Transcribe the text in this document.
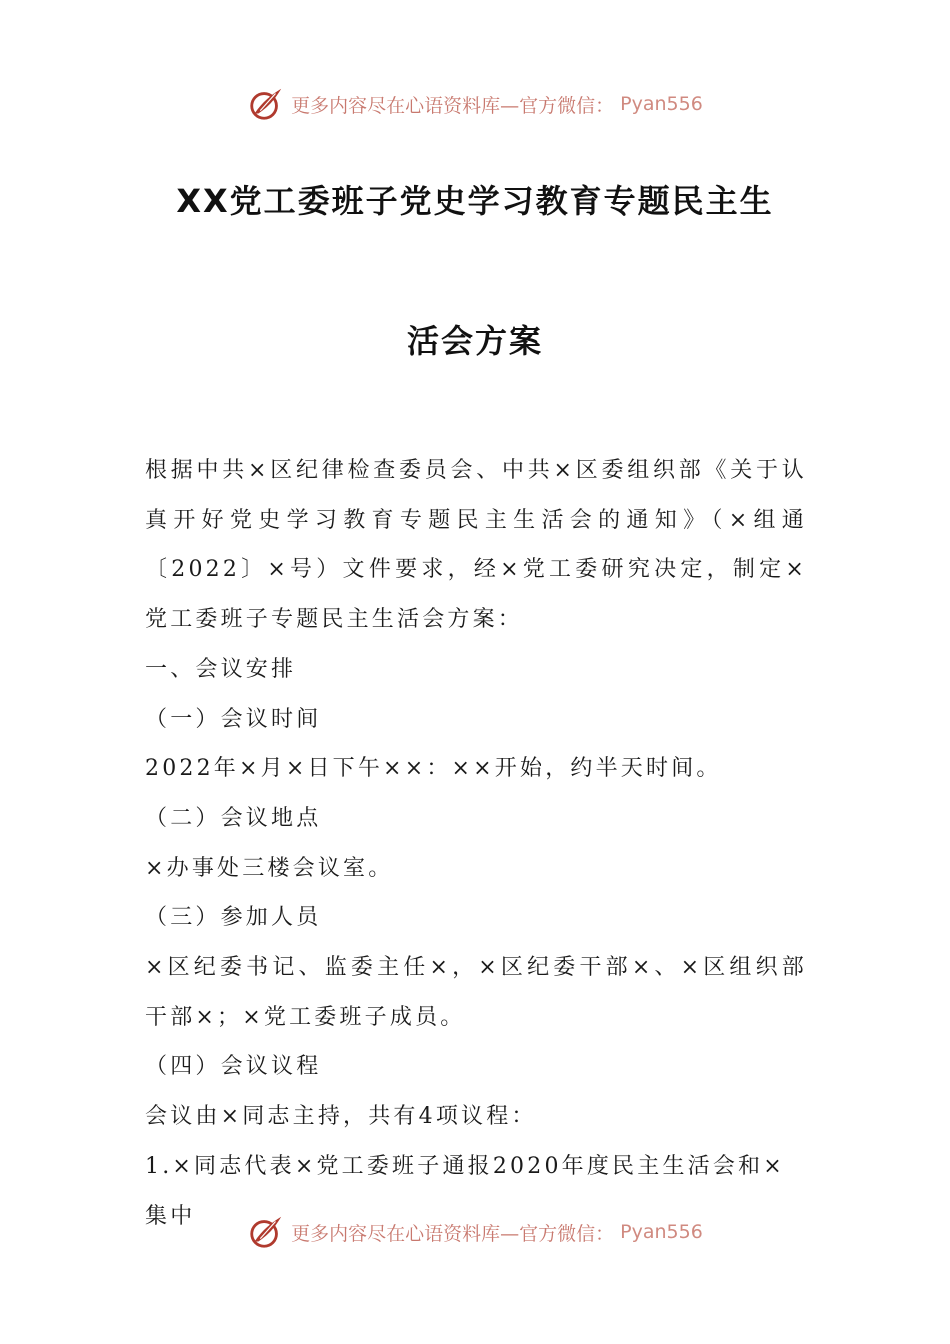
更多内容尽在心语资料库—官方微信： Pyan556
XX党工委班子党史学习教育专题民主生
活会方案

根据中共×区纪律检查委员会、中共×区委组织部《关于认真开好党史学习教育专题民主生活会的通知》（×组通〔2022〕×号）文件要求，经×党工委研究决定，制定×党工委班子专题民主生活会方案：

一、会议安排

（一）会议时间

2022年×月×日下午××：××开始，约半天时间。

（二）会议地点

×办事处三楼会议室。

（三）参加人员

×区纪委书记、监委主任×，×区纪委干部×、×区组织部干部×；×党工委班子成员。

（四）会议议程

会议由×同志主持，共有4项议程：

1.×同志代表×党工委班子通报2020年度民主生活会和×集中

更多内容尽在心语资料库—官方微信： Pyan556
